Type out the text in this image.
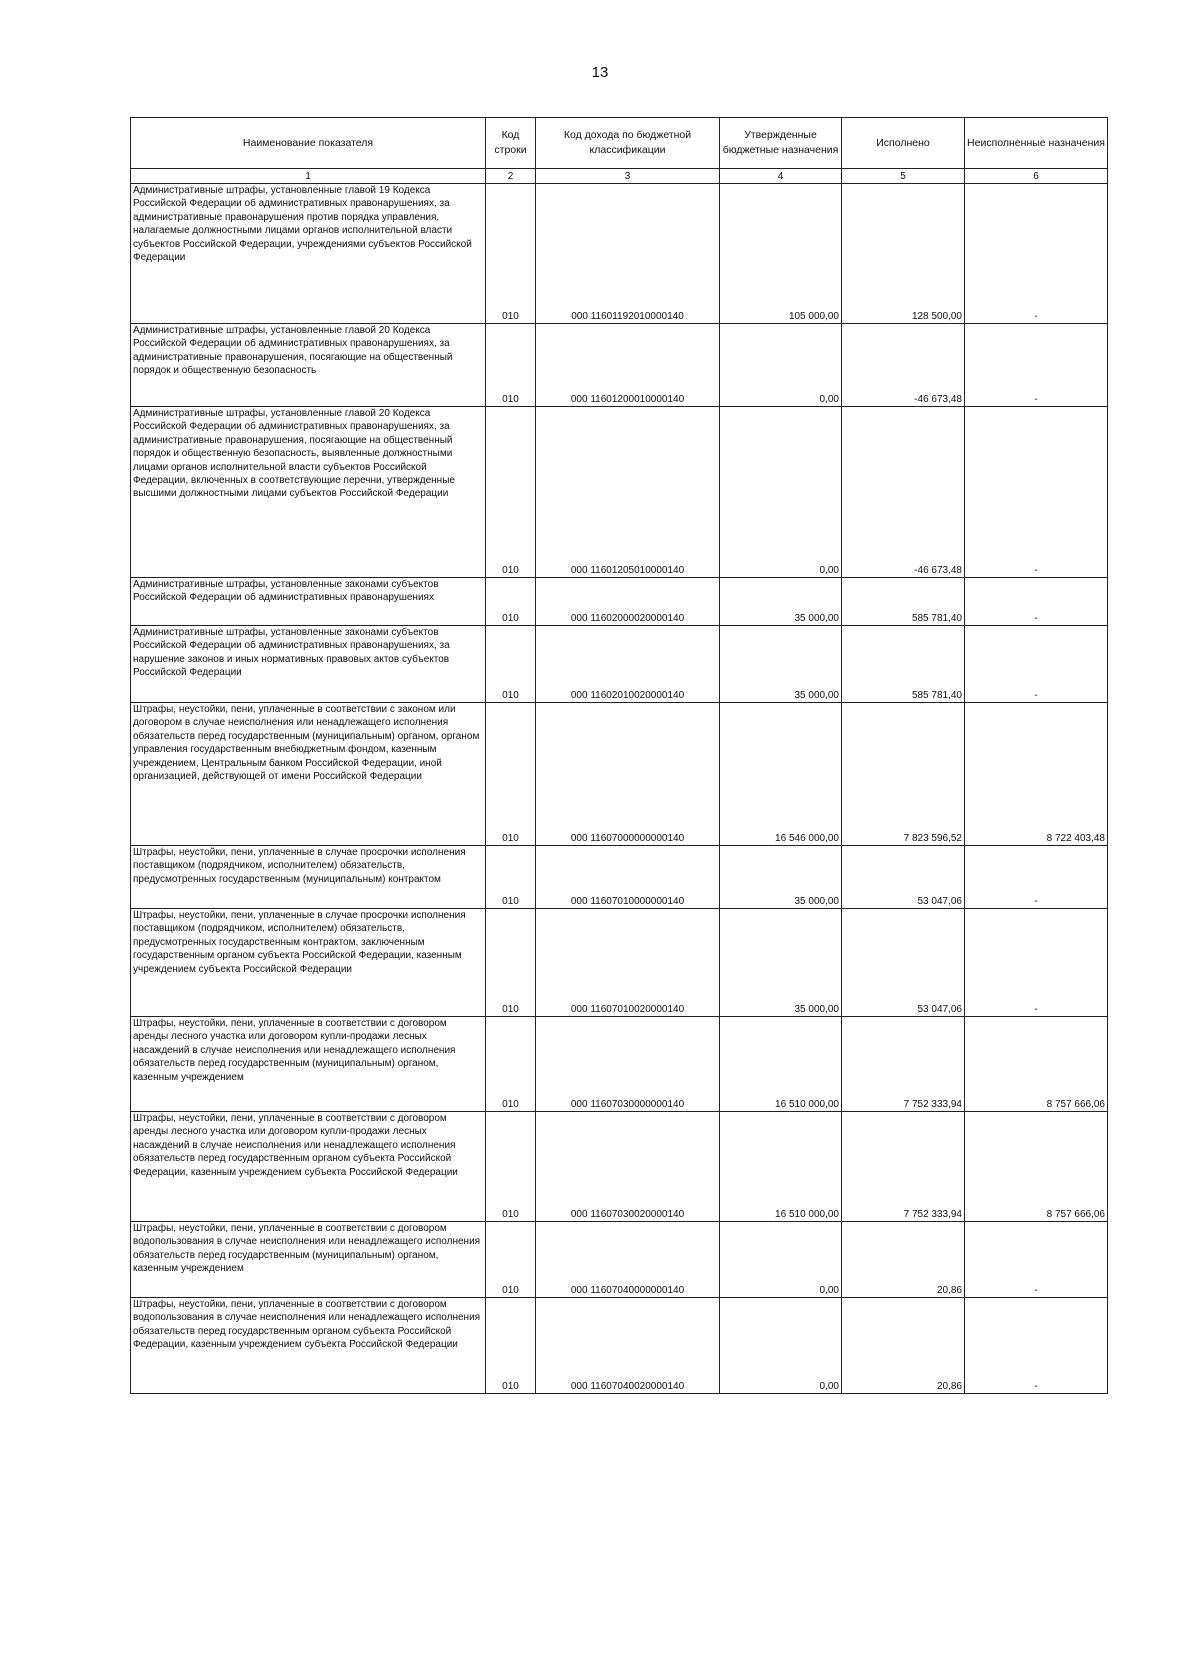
13
Наименование показателя	Код строки	Код дохода по бюджетной классификации	Утвержденные бюджетные назначения	Исполнено	Неисполненные назначения
1	2	3	4	5	6
Административные штрафы, установленные главой 19 Кодекса Российской Федерации об административных правонарушениях, за административные правонарушения против порядка управления, налагаемые должностными лицами органов исполнительной власти субъектов Российской Федерации, учреждениями субъектов Российской Федерации	010	000 11601192010000140	105 000,00	128 500,00	-
Административные штрафы, установленные главой 20 Кодекса Российской Федерации об административных правонарушениях, за административные правонарушения, посягающие на общественный порядок и общественную безопасность	010	000 11601200010000140	0,00	-46 673,48	-
Административные штрафы, установленные главой 20 Кодекса Российской Федерации об административных правонарушениях, за административные правонарушения, посягающие на общественный порядок и общественную безопасность, выявленные должностными лицами органов исполнительной власти субъектов Российской Федерации, включенных в соответствующие перечни, утвержденные высшими должностными лицами субъектов Российской Федерации	010	000 11601205010000140	0,00	-46 673,48	-
Административные штрафы, установленные законами субъектов Российской Федерации об административных правонарушениях	010	000 11602000020000140	35 000,00	585 781,40	-
Административные штрафы, установленные законами субъектов Российской Федерации об административных правонарушениях, за нарушение законов и иных нормативных правовых актов субъектов Российской Федерации	010	000 11602010020000140	35 000,00	585 781,40	-
Штрафы, неустойки, пени, уплаченные в соответствии с законом или договором в случае неисполнения или ненадлежащего исполнения обязательств перед государственным (муниципальным) органом, органом управления государственным внебюджетным фондом, казенным учреждением, Центральным банком Российской Федерации, иной организацией, действующей от имени Российской Федерации	010	000 11607000000000140	16 546 000,00	7 823 596,52	8 722 403,48
Штрафы, неустойки, пени, уплаченные в случае просрочки исполнения поставщиком (подрядчиком, исполнителем) обязательств, предусмотренных государственным (муниципальным) контрактом	010	000 11607010000000140	35 000,00	53 047,06	-
Штрафы, неустойки, пени, уплаченные в случае просрочки исполнения поставщиком (подрядчиком, исполнителем) обязательств, предусмотренных государственным контрактом, заключенным государственным органом субъекта Российской Федерации, казенным учреждением субъекта Российской Федерации	010	000 11607010020000140	35 000,00	53 047,06	-
Штрафы, неустойки, пени, уплаченные в соответствии с договором аренды лесного участка или договором купли-продажи лесных насаждений в случае неисполнения или ненадлежащего исполнения обязательств перед государственным (муниципальным) органом, казенным учреждением	010	000 11607030000000140	16 510 000,00	7 752 333,94	8 757 666,06
Штрафы, неустойки, пени, уплаченные в соответствии с договором аренды лесного участка или договором купли-продажи лесных насаждений в случае неисполнения или ненадлежащего исполнения обязательств перед государственным органом субъекта Российской Федерации, казенным учреждением субъекта Российской Федерации	010	000 11607030020000140	16 510 000,00	7 752 333,94	8 757 666,06
Штрафы, неустойки, пени, уплаченные в соответствии с договором водопользования в случае неисполнения или ненадлежащего исполнения обязательств перед государственным (муниципальным) органом, казенным учреждением	010	000 11607040000000140	0,00	20,86	-
Штрафы, неустойки, пени, уплаченные в соответствии с договором водопользования в случае неисполнения или ненадлежащего исполнения обязательств перед государственным органом субъекта Российской Федерации, казенным учреждением субъекта Российской Федерации	010	000 11607040020000140	0,00	20,86	-
